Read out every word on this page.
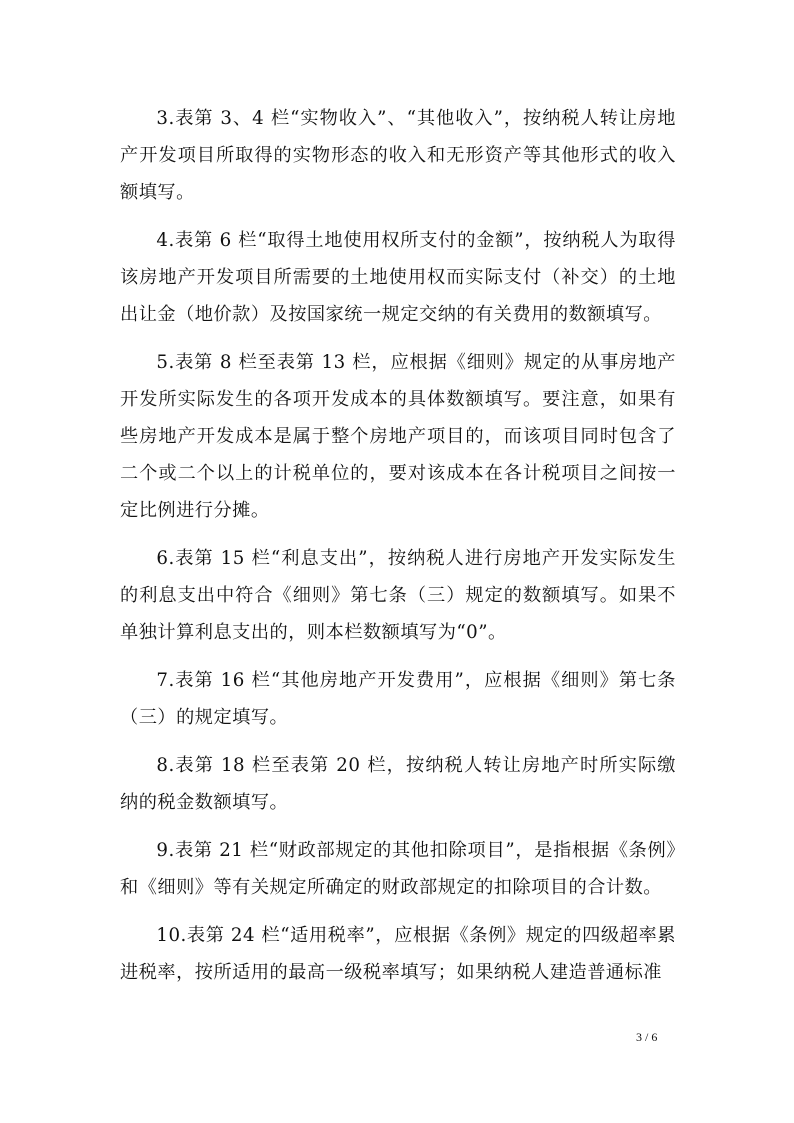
3.表第 3、4 栏“实物收入”、“其他收入”，按纳税人转让房地产开发项目所取得的实物形态的收入和无形资产等其他形式的收入额填写。

4.表第 6 栏“取得土地使用权所支付的金额”，按纳税人为取得该房地产开发项目所需要的土地使用权而实际支付（补交）的土地出让金（地价款）及按国家统一规定交纳的有关费用的数额填写。

5.表第 8 栏至表第 13 栏，应根据《细则》规定的从事房地产开发所实际发生的各项开发成本的具体数额填写。要注意，如果有些房地产开发成本是属于整个房地产项目的，而该项目同时包含了二个或二个以上的计税单位的，要对该成本在各计税项目之间按一定比例进行分摊。

6.表第 15 栏“利息支出”，按纳税人进行房地产开发实际发生的利息支出中符合《细则》第七条（三）规定的数额填写。如果不单独计算利息支出的，则本栏数额填写为“0”。

7.表第 16 栏“其他房地产开发费用”，应根据《细则》第七条（三）的规定填写。

8.表第 18 栏至表第 20 栏，按纳税人转让房地产时所实际缴纳的税金数额填写。

9.表第 21 栏“财政部规定的其他扣除项目”，是指根据《条例》和《细则》等有关规定所确定的财政部规定的扣除项目的合计数。

10.表第 24 栏“适用税率”，应根据《条例》规定的四级超率累进税率，按所适用的最高一级税率填写；如果纳税人建造普通标准

3 / 6
